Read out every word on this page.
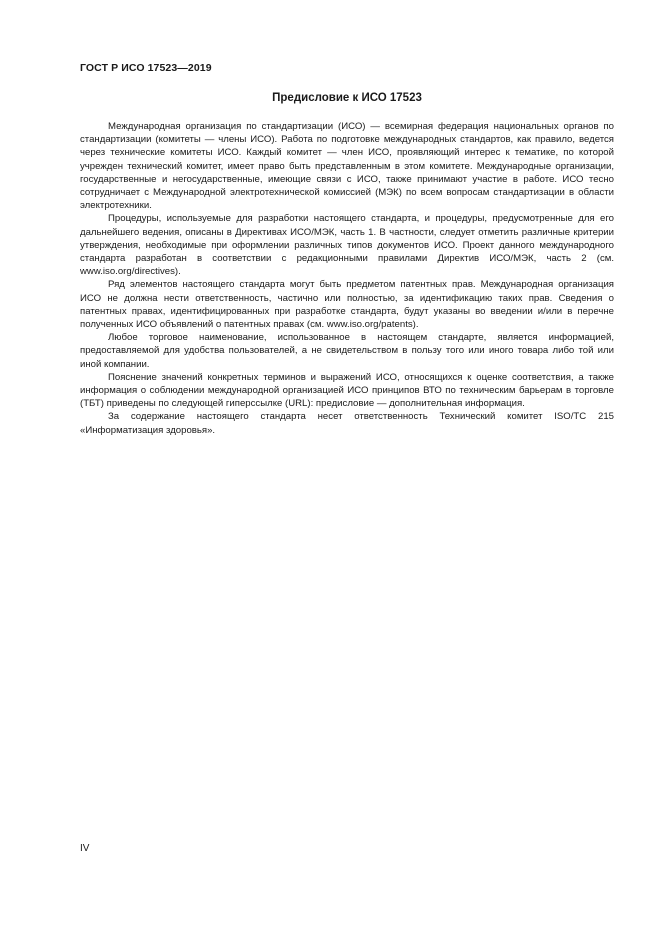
ГОСТ Р ИСО 17523—2019
Предисловие к ИСО 17523

Международная организация по стандартизации (ИСО) — всемирная федерация национальных органов по стандартизации (комитеты — члены ИСО). Работа по подготовке международных стандартов, как правило, ведется через технические комитеты ИСО. Каждый комитет — член ИСО, проявляющий интерес к тематике, по которой учрежден технический комитет, имеет право быть представленным в этом комитете. Международные организации, государственные и негосударственные, имеющие связи с ИСО, также принимают участие в работе. ИСО тесно сотрудничает с Международной электротехнической комиссией (МЭК) по всем вопросам стандартизации в области электротехники.

Процедуры, используемые для разработки настоящего стандарта, и процедуры, предусмотренные для его дальнейшего ведения, описаны в Директивах ИСО/МЭК, часть 1. В частности, следует отметить различные критерии утверждения, необходимые при оформлении различных типов документов ИСО. Проект данного международного стандарта разработан в соответствии с редакционными правилами Директив ИСО/МЭК, часть 2 (см. www.iso.org/directives).

Ряд элементов настоящего стандарта могут быть предметом патентных прав. Международная организация ИСО не должна нести ответственность, частично или полностью, за идентификацию таких прав. Сведения о патентных правах, идентифицированных при разработке стандарта, будут указаны во введении и/или в перечне полученных ИСО объявлений о патентных правах (см. www.iso.org/patents).

Любое торговое наименование, использованное в настоящем стандарте, является информацией, предоставляемой для удобства пользователей, а не свидетельством в пользу того или иного товара либо той или иной компании.

Пояснение значений конкретных терминов и выражений ИСО, относящихся к оценке соответствия, а также информация о соблюдении международной организацией ИСО принципов ВТО по техническим барьерам в торговле (ТБТ) приведены по следующей гиперссылке (URL): предисловие — дополнительная информация.

За содержание настоящего стандарта несет ответственность Технический комитет ISO/TC 215 «Информатизация здоровья».

IV
